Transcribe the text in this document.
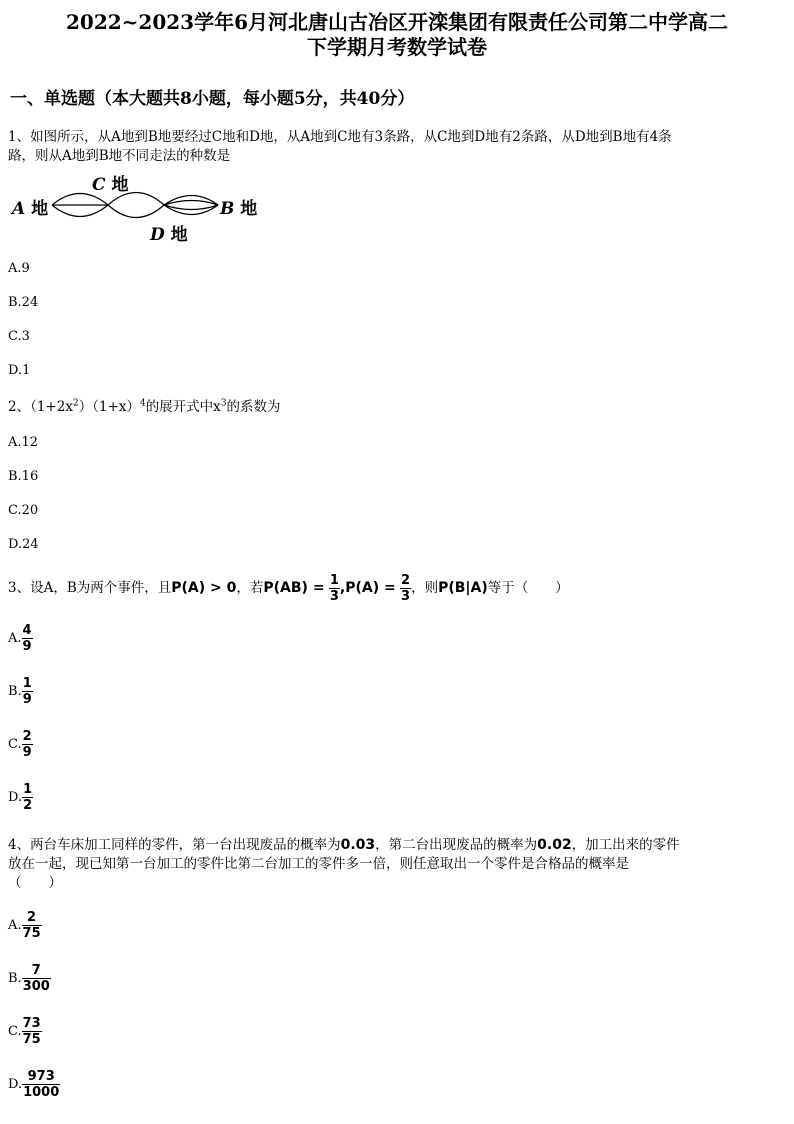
2022~2023学年6月河北唐山古冶区开滦集团有限责任公司第二中学高二
下学期月考数学试卷
一、单选题（本大题共8小题，每小题5分，共40分）
1、如图所示，从A地到B地要经过C地和D地，从A地到C地有3条路，从C地到D地有2条路，从D地到B地有4条
路，则从A地到B地不同走法的种数是
A 地
C 地
B 地
D 地
A.9
B.24
C.3
D.1
2、$(1+2x^2)(1+x)^4$的展开式中$x^3$的系数为
A.12
B.16
C.20
D.24
3、设A，B为两个事件，且P(A) > 0，若$P(AB) = \frac{1}{3} ,P(A) = \frac{2}{3}$ ，则P(B|A)等于（　　）
A. $\frac{4}{9}$
B. $\frac{1}{9}$
C. $\frac{2}{9}$
D. $\frac{1}{2}$
4、两台车床加工同样的零件，第一台出现废品的概率为0.03，第二台出现废品的概率为0.02，加工出来的零件
放在一起，现已知第一台加工的零件比第二台加工的零件多一倍，则任意取出一个零件是合格品的概率是
（　　）
A. $\frac{2}{75}$
B. $\frac{7}{300}$
C. $\frac{73}{75}$
D. $\frac{973}{1000}$
